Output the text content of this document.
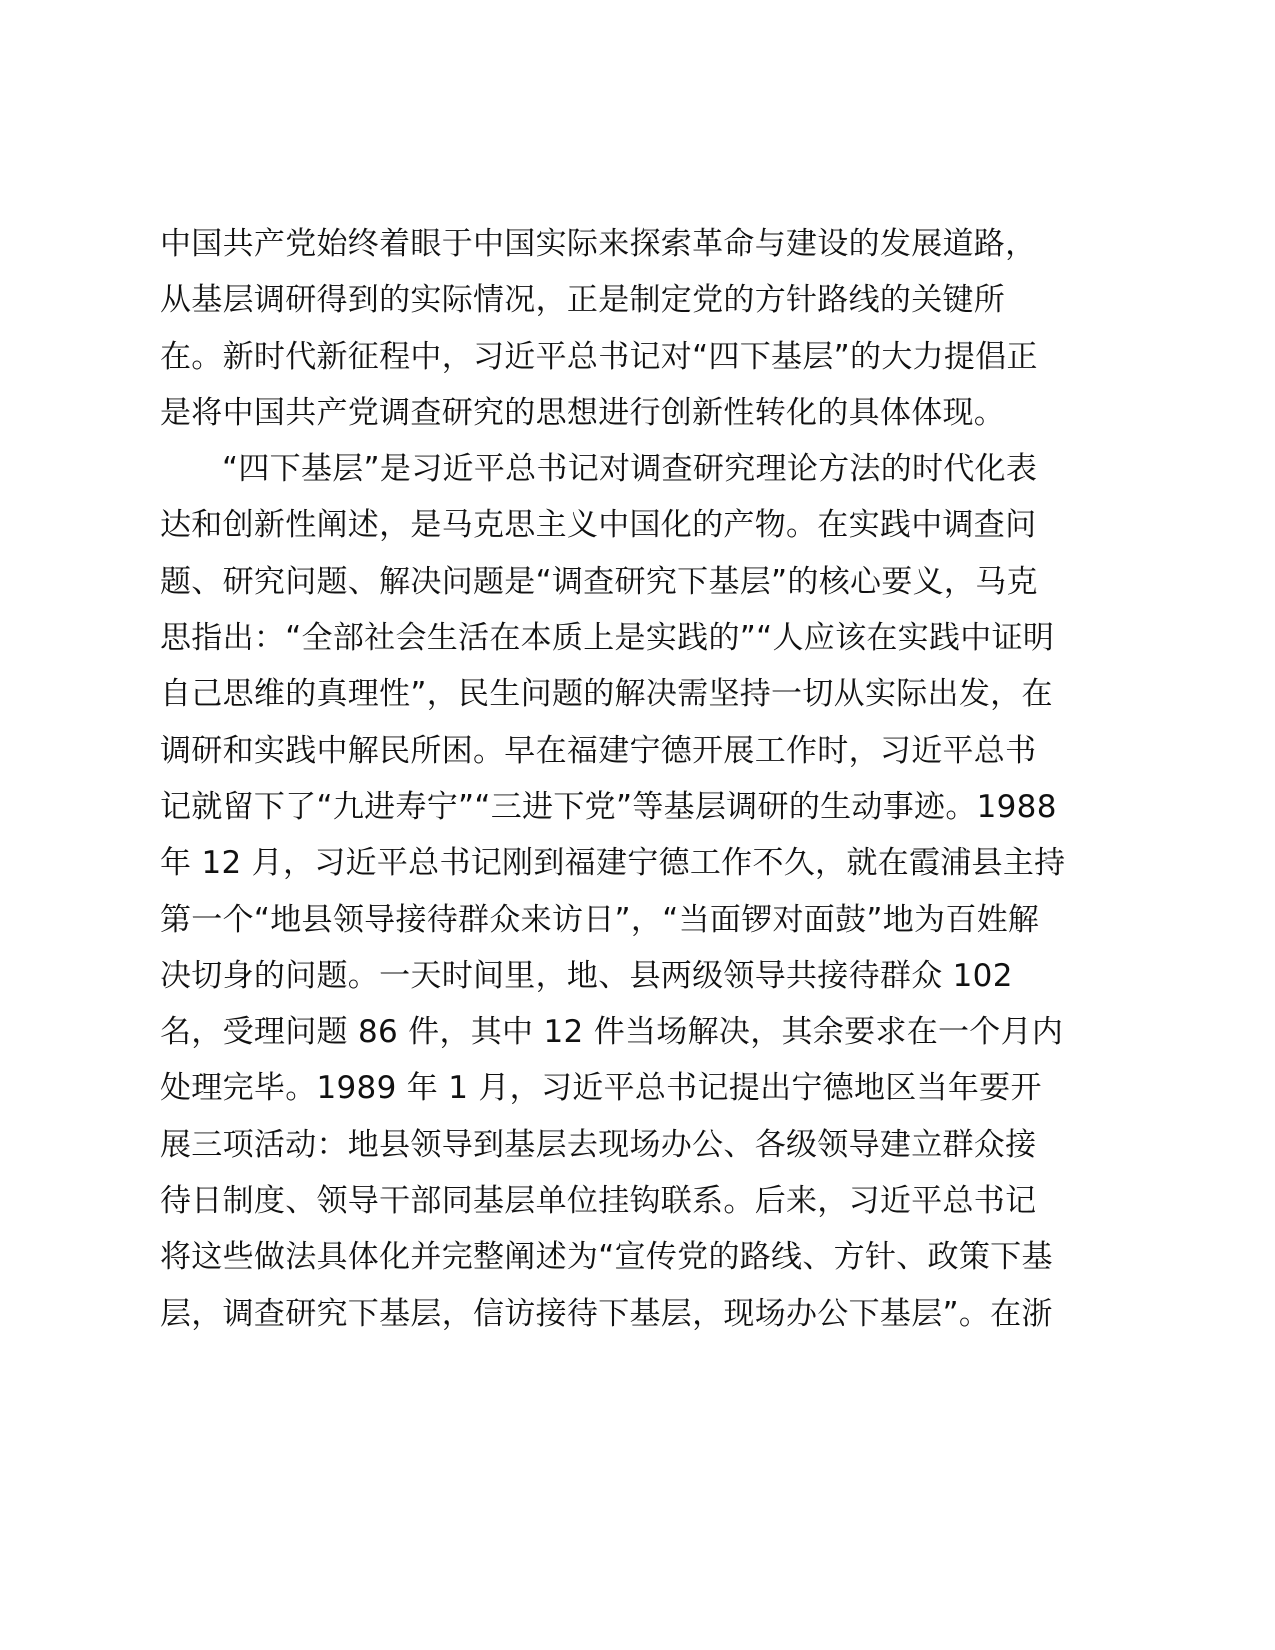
中国共产党始终着眼于中国实际来探索革命与建设的发展道路，
从基层调研得到的实际情况，正是制定党的方针路线的关键所
在。新时代新征程中，习近平总书记对“四下基层”的大力提倡正
是将中国共产党调查研究的思想进行创新性转化的具体体现。
“四下基层”是习近平总书记对调查研究理论方法的时代化表
达和创新性阐述，是马克思主义中国化的产物。在实践中调查问
题、研究问题、解决问题是“调查研究下基层”的核心要义，马克
思指出：“全部社会生活在本质上是实践的”“人应该在实践中证明
自己思维的真理性”，民生问题的解决需坚持一切从实际出发，在
调研和实践中解民所困。早在福建宁德开展工作时，习近平总书
记就留下了“九进寿宁”“三进下党”等基层调研的生动事迹。1988
年 12 月，习近平总书记刚到福建宁德工作不久，就在霞浦县主持
第一个“地县领导接待群众来访日”，“当面锣对面鼓”地为百姓解
决切身的问题。一天时间里，地、县两级领导共接待群众 102
名，受理问题 86 件，其中 12 件当场解决，其余要求在一个月内
处理完毕。1989 年 1 月，习近平总书记提出宁德地区当年要开
展三项活动：地县领导到基层去现场办公、各级领导建立群众接
待日制度、领导干部同基层单位挂钩联系。后来，习近平总书记
将这些做法具体化并完整阐述为“宣传党的路线、方针、政策下基
层，调查研究下基层，信访接待下基层，现场办公下基层”。在浙
